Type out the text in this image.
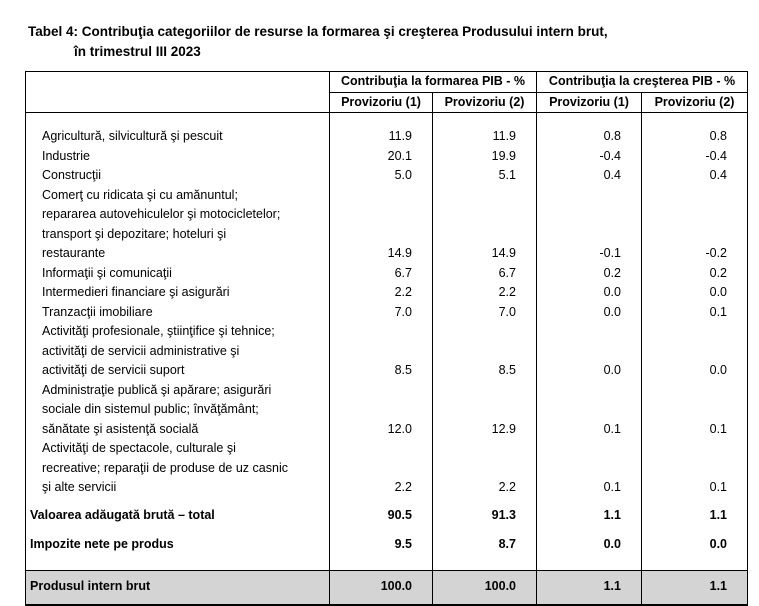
Tabel 4: Contribuţia categoriilor de resurse la formarea şi creşterea Produsului intern brut,
în trimestrul III 2023
	Contribuţia la formarea PIB - %		Contribuţia la creşterea PIB - %	
	Provizoriu (1)	Provizoriu (2)	Provizoriu (1)	Provizoriu (2)

Agricultură, silvicultură şi pescuit	11.9	11.9	0.8	0.8
Industrie	20.1	19.9	-0.4	-0.4
Construcţii	5.0	5.1	0.4	0.4
Comerţ cu ridicata şi cu amănuntul;				
repararea autovehiculelor şi motocicletelor;				
transport şi depozitare; hoteluri şi				
restaurante	14.9	14.9	-0.1	-0.2
Informaţii şi comunicaţii	6.7	6.7	0.2	0.2
Intermedieri financiare şi asigurări	2.2	2.2	0.0	0.0
Tranzacţii imobiliare	7.0	7.0	0.0	0.1
Activităţi profesionale, ştiinţifice şi tehnice;				
activităţi de servicii administrative şi				
activităţi de servicii suport	8.5	8.5	0.0	0.0
Administraţie publică şi apărare; asigurări				
sociale din sistemul public; învăţământ;				
sănătate şi asistenţă socială	12.0	12.9	0.1	0.1
Activităţi de spectacole, culturale şi				
recreative; reparaţii de produse de uz casnic				
şi alte servicii	2.2	2.2	0.1	0.1
Valoarea adăugată brută – total	90.5	91.3	1.1	1.1
Impozite nete pe produs	9.5	8.7	0.0	0.0

Produsul intern brut	100.0	100.0	1.1	1.1
